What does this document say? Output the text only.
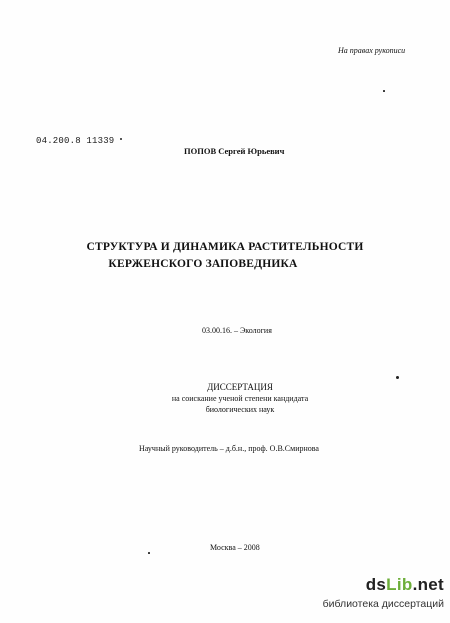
На правах рукописи
04.200.8 11339
ПОПОВ Сергей Юрьевич
СТРУКТУРА И ДИНАМИКА РАСТИТЕЛЬНОСТИ
КЕРЖЕНСКОГО ЗАПОВЕДНИКА
03.00.16. – Экология
ДИССЕРТАЦИЯ
на соискание ученой степени кандидата
биологических наук
Научный руководитель – д.б.н., проф. О.В.Смирнова
Москва – 2008
dsLib.net
библиотека диссертаций
